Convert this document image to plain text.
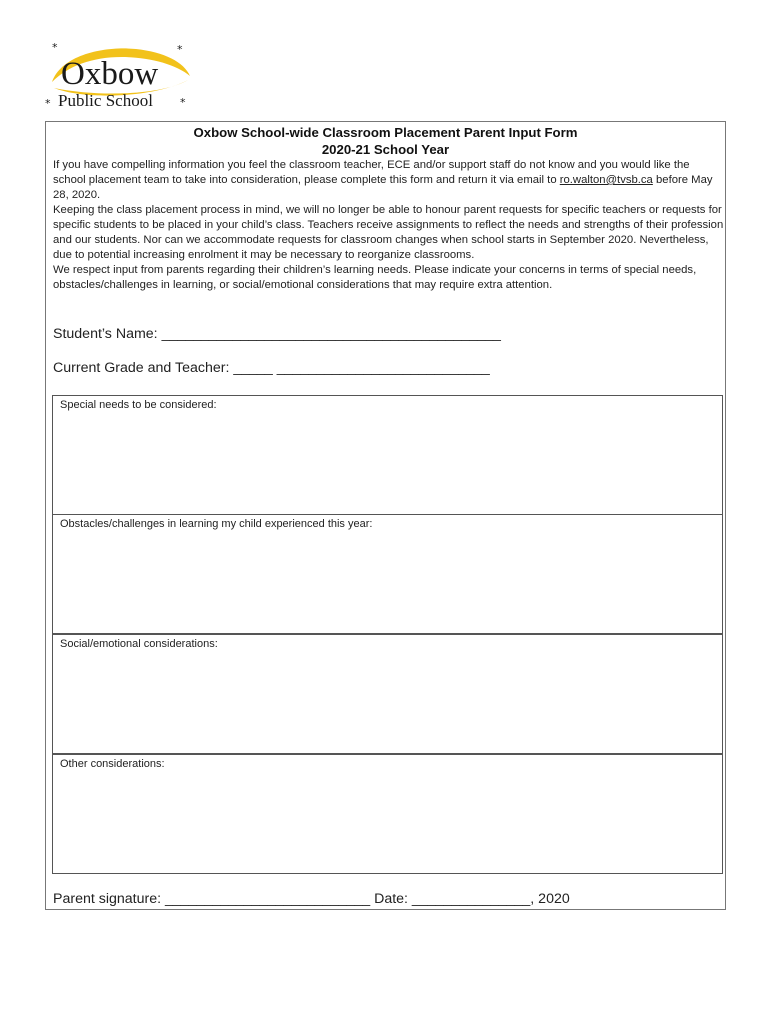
*	*
*	*
Oxbow
Public School
Oxbow School-wide Classroom Placement Parent Input Form
2020-21 School Year

If you have compelling information you feel the classroom teacher, ECE and/or support staff do not know and you would like the school placement team to take into consideration, please complete this form and return it via email to ro.walton@tvsb.ca before May 28, 2020.

Keeping the class placement process in mind, we will no longer be able to honour parent requests for specific teachers or requests for specific students to be placed in your child’s class. Teachers receive assignments to reflect the needs and strengths of their profession and our students. Nor can we accommodate requests for classroom changes when school starts in September 2020. Nevertheless, due to potential increasing enrolment it may be necessary to reorganize classrooms.

We respect input from parents regarding their children’s learning needs. Please indicate your concerns in terms of special needs, obstacles/challenges in learning, or social/emotional considerations that may require extra attention.

Student’s Name: ___________________________________________
Current Grade and Teacher: _____ ___________________________
Special needs to be considered:
Obstacles/challenges in learning my child experienced this year:
Social/emotional considerations:
Other considerations:
Parent signature: __________________________ Date: _______________, 2020
